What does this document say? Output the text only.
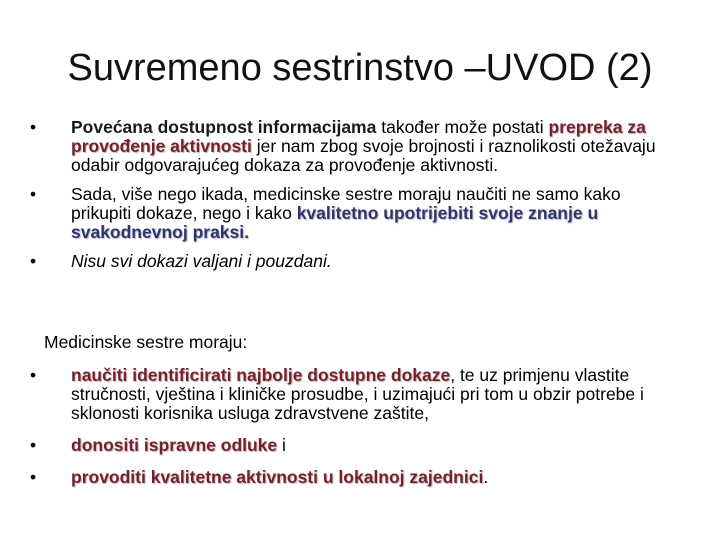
Suvremeno sestrinstvo –UVOD (2)
•	Povećana dostupnost informacijama također može postati prepreka za provođenje aktivnosti jer nam zbog svoje brojnosti i raznolikosti otežavaju odabir odgovarajućeg dokaza za provođenje aktivnosti.
•	Sada, više nego ikada, medicinske sestre moraju naučiti ne samo kako prikupiti dokaze, nego i kako kvalitetno upotrijebiti svoje znanje u svakodnevnoj praksi.
•	Nisu svi dokazi valjani i pouzdani.
Medicinske sestre moraju:
•	naučiti identificirati najbolje dostupne dokaze, te uz primjenu vlastite stručnosti, vještina i kliničke prosudbe, i uzimajući pri tom u obzir potrebe i sklonosti korisnika usluga zdravstvene zaštite,
•	donositi ispravne odluke i
•	provoditi kvalitetne aktivnosti u lokalnoj zajednici.
